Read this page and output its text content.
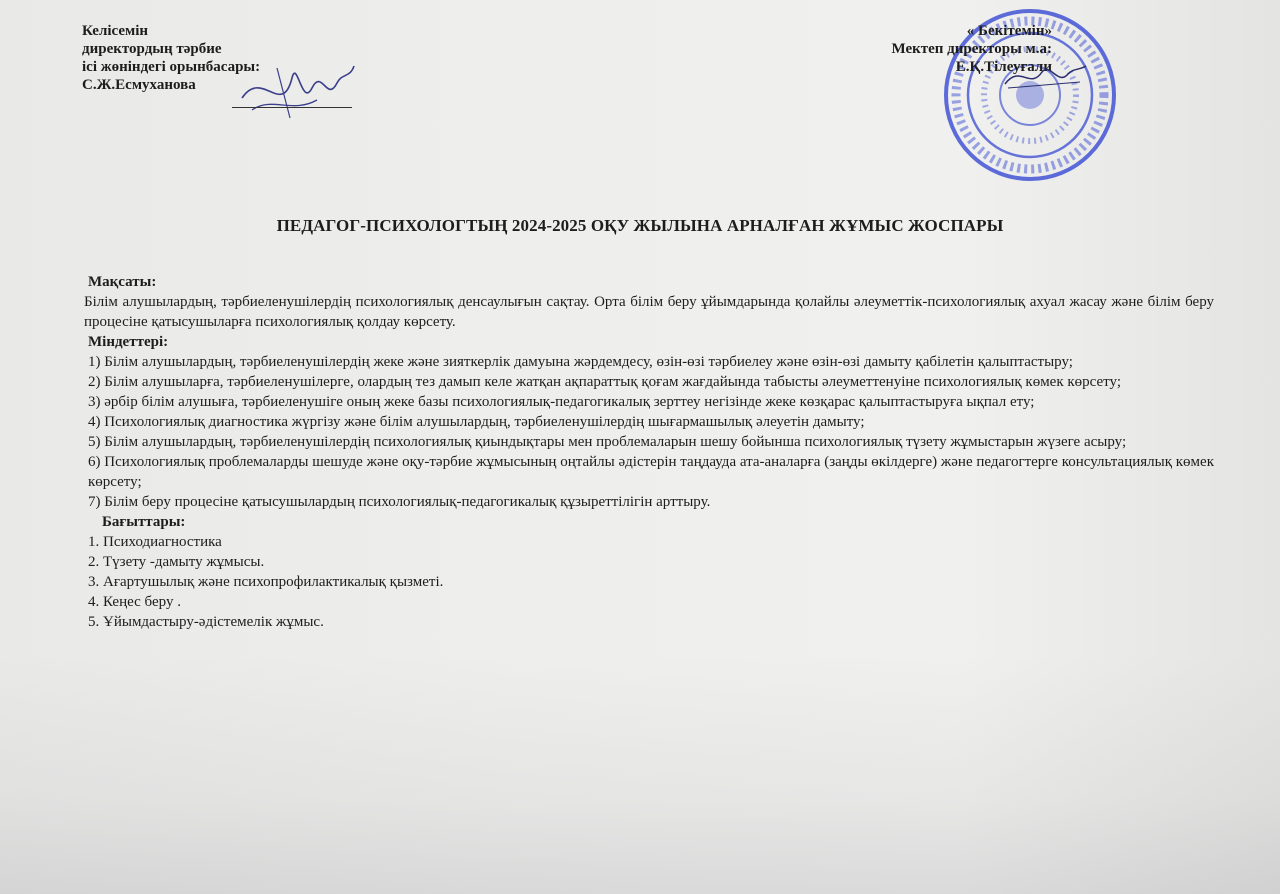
Келісемін
директордың тәрбие
ісі жөніндегі орынбасары:
С.Ж.Есмуханова
« Бекітемін»
Мектеп директоры м.а:
Е.Қ.Тілеуғали
ПЕДАГОГ-ПСИХОЛОГТЫҢ 2024-2025 ОҚУ ЖЫЛЫНА АРНАЛҒАН ЖҰМЫС ЖОСПАРЫ

Мақсаты:

Білім алушылардың, тәрбиеленушілердің психологиялық денсаулығын сақтау. Орта білім беру ұйымдарында қолайлы әлеуметтік-психологиялық ахуал жасау және білім беру процесіне қатысушыларға психологиялық қолдау көрсету.

Міндеттері:

1) Білім алушылардың, тәрбиеленушілердің жеке және зияткерлік дамуына жәрдемдесу, өзін-өзі тәрбиелеу және өзін-өзі дамыту қабілетін қалыптастыру;

2) Білім алушыларға, тәрбиеленушілерге, олардың тез дамып келе жатқан ақпараттық қоғам жағдайында табысты әлеуметтенуіне психологиялық көмек көрсету;

3) әрбір білім алушыға, тәрбиеленушіге оның жеке базы психологиялық-педагогикалық зерттеу негізінде жеке көзқарас қалыптастыруға ықпал ету;

4) Психологиялық диагностика жүргізу және білім алушылардың, тәрбиеленушілердің шығармашылық әлеуетін дамыту;

5) Білім алушылардың, тәрбиеленушілердің психологиялық қиындықтары мен проблемаларын шешу бойынша психологиялық түзету жұмыстарын жүзеге асыру;

6) Психологиялық проблемаларды шешуде және оқу-тәрбие жұмысының оңтайлы әдістерін таңдауда ата-аналарға (заңды өкілдерге) және педагогтерге консультациялық көмек көрсету;

7) Білім беру процесіне қатысушылардың психологиялық-педагогикалық құзыреттілігін арттыру.

Бағыттары:

1. Психодиагностика

2. Түзету -дамыту жұмысы.

3. Ағартушылық және психопрофилактикалық қызметі.

4. Кеңес беру .

5. Ұйымдастыру-әдістемелік жұмыс.
